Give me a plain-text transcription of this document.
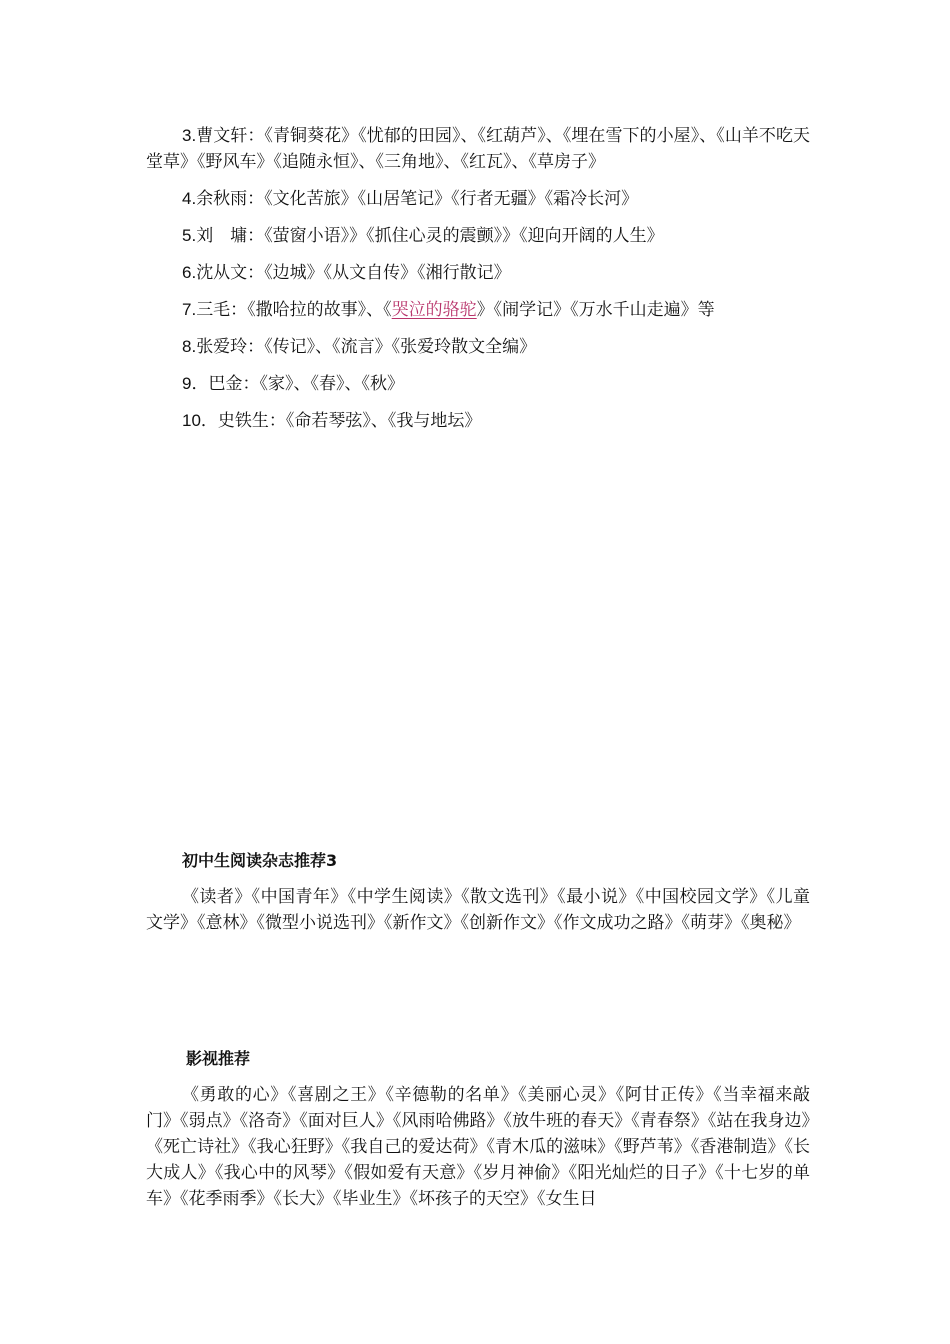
3.曹文轩：《青铜葵花》《忧郁的田园》、《红葫芦》、《埋在雪下的小屋》、《山羊不吃天堂草》《野风车》《追随永恒》、《三角地》、《红瓦》、《草房子》
4.余秋雨：《文化苦旅》《山居笔记》《行者无疆》《霜冷长河》
5.刘　墉：《萤窗小语》》《抓住心灵的震颤》》《迎向开阔的人生》
6.沈从文：《边城》《从文自传》《湘行散记》
7.三毛：《撒哈拉的故事》、《哭泣的骆驼》《闹学记》《万水千山走遍》等
8.张爱玲：《传记》、《流言》《张爱玲散文全编》
9．巴金：《家》、《春》、《秋》
10．史铁生：《命若琴弦》、《我与地坛》
初中生阅读杂志推荐3

《读者》《中国青年》《中学生阅读》《散文选刊》《最小说》《中国校园文学》《儿童文学》《意林》《微型小说选刊》《新作文》《创新作文》《作文成功之路》《萌芽》《奥秘》

影视推荐

《勇敢的心》《喜剧之王》《辛德勒的名单》《美丽心灵》《阿甘正传》《当幸福来敲门》《弱点》《洛奇》《面对巨人》《风雨哈佛路》《放牛班的春天》《青春祭》《站在我身边》《死亡诗社》《我心狂野》《我自己的爱达荷》《青木瓜的滋味》《野芦苇》《香港制造》《长大成人》《我心中的风琴》《假如爱有天意》《岁月神偷》《阳光灿烂的日子》《十七岁的单车》《花季雨季》《长大》《毕业生》《坏孩子的天空》《女生日
